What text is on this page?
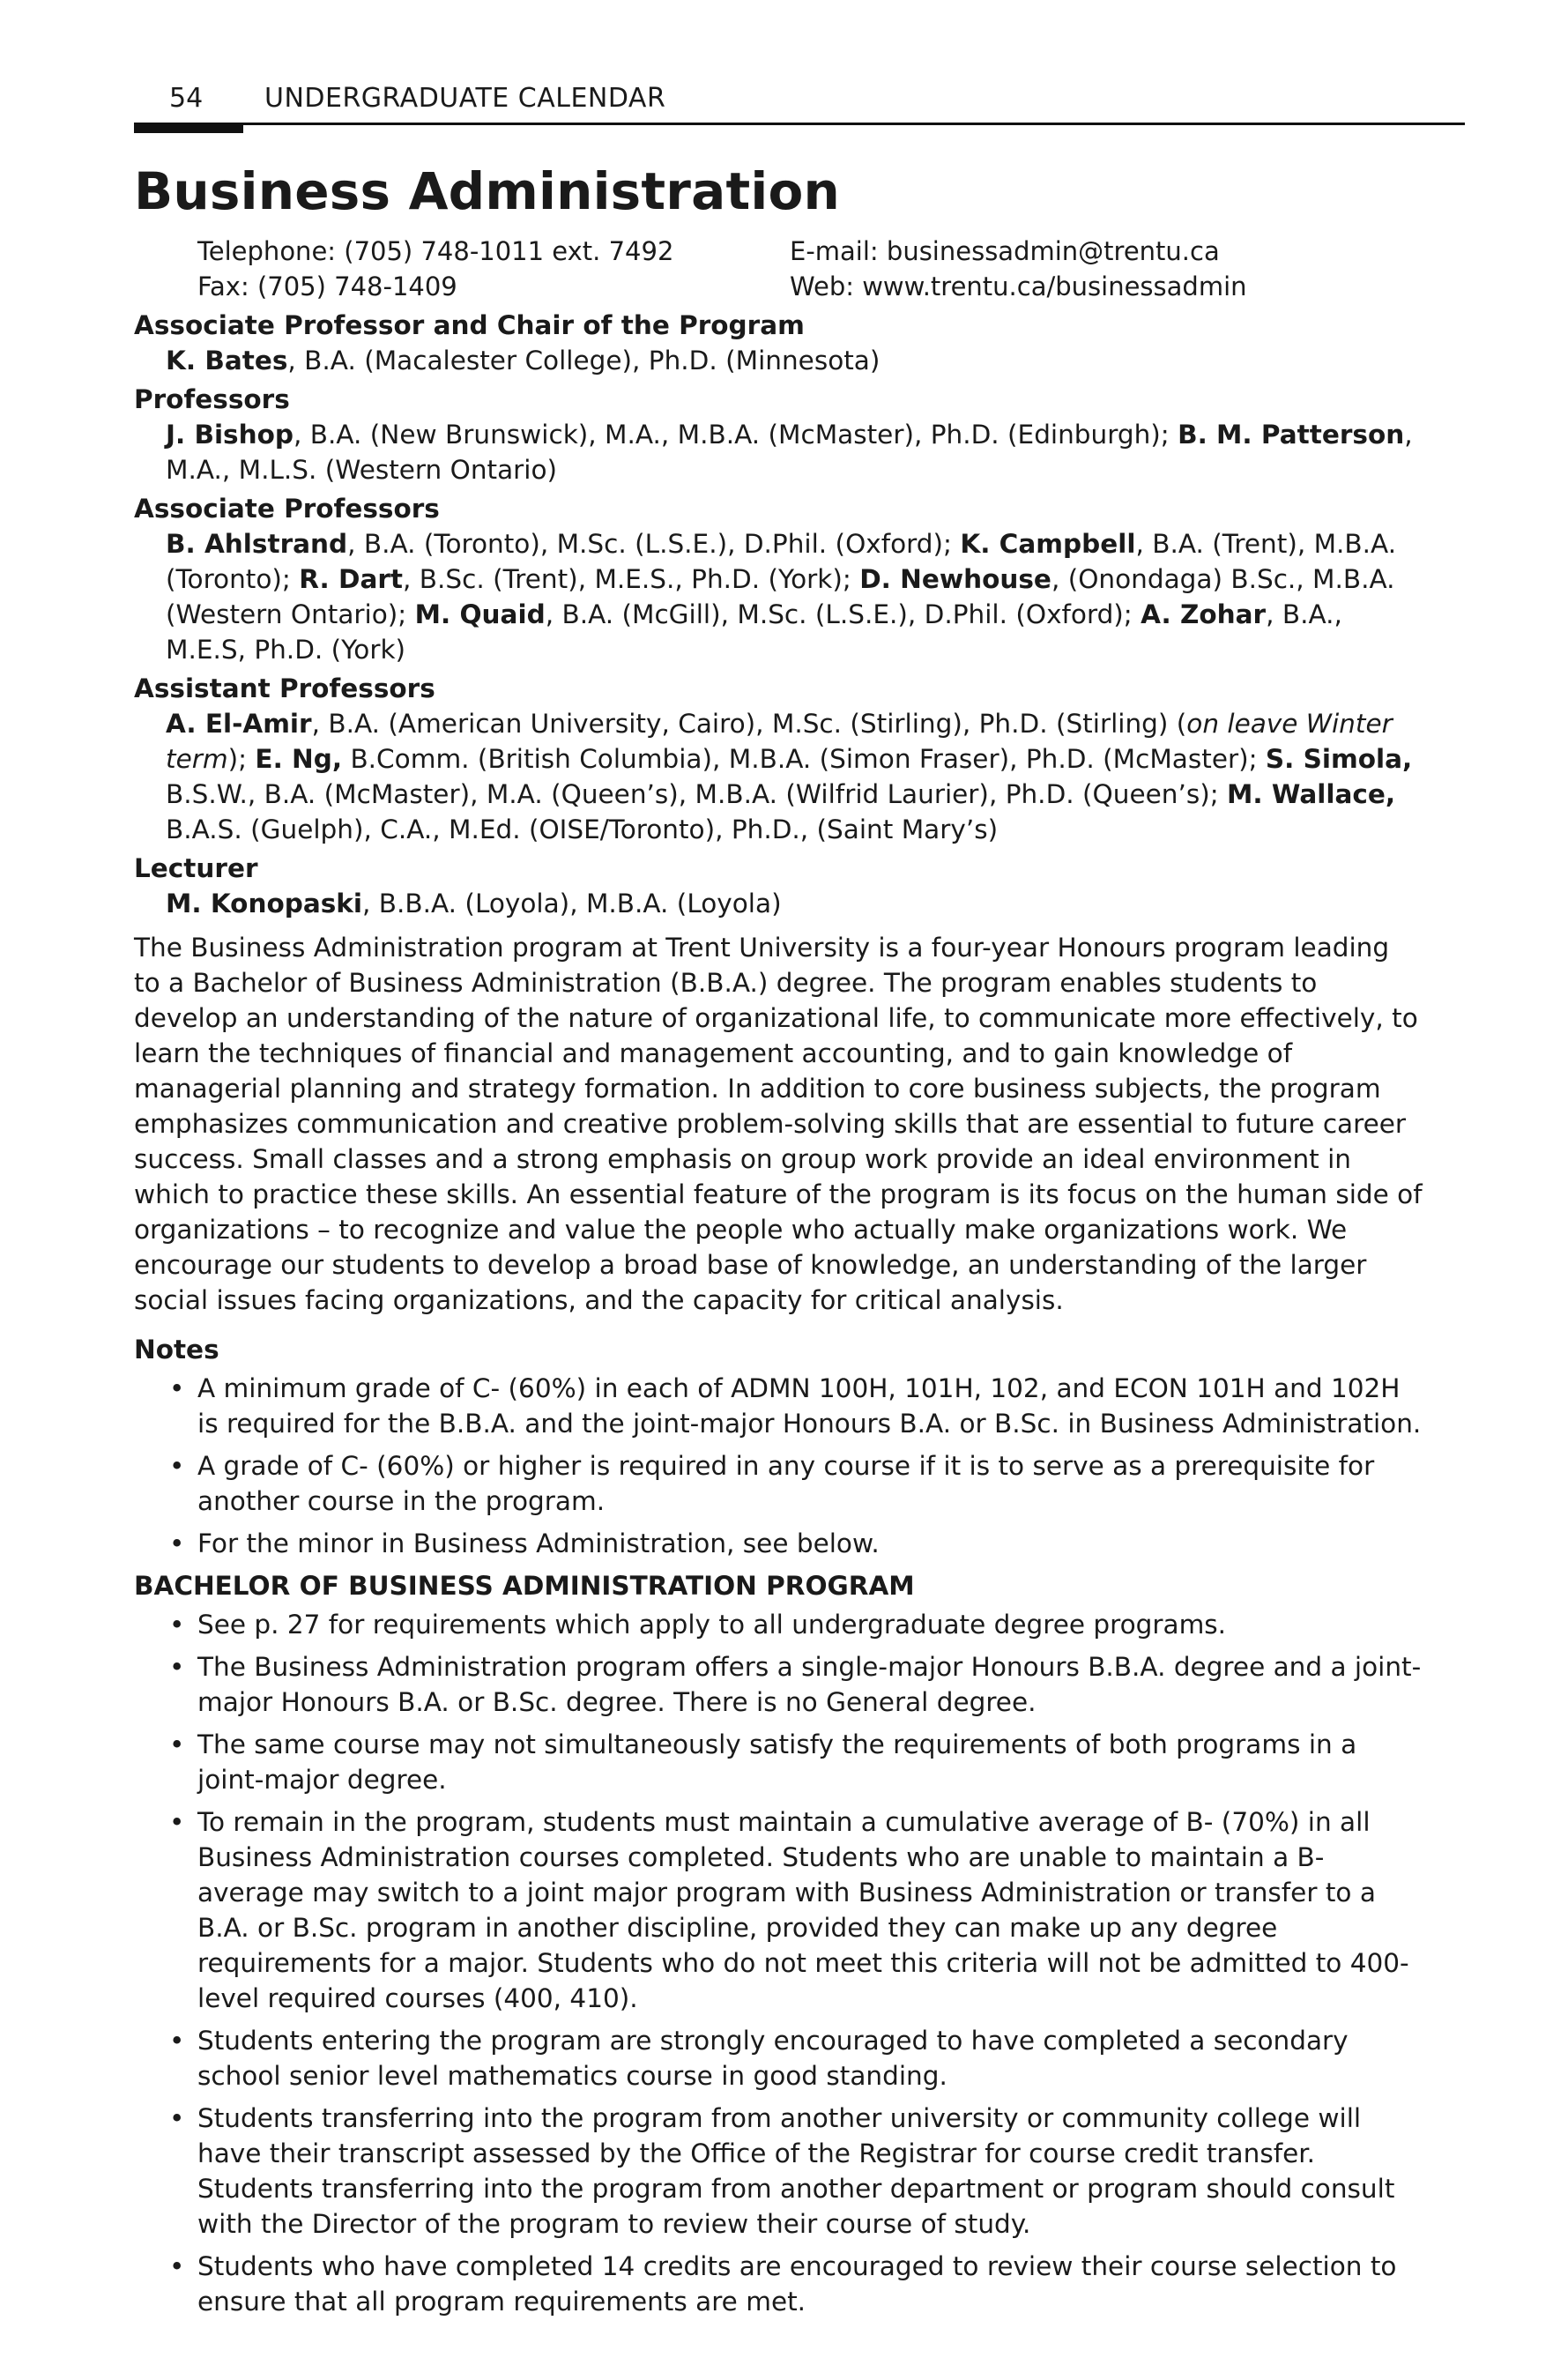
54 UNDERGRADUATE CALENDAR
Business Administration
Telephone: (705) 748-1011 ext. 7492	E-mail: businessadmin@trentu.ca
Fax: (705) 748-1409	Web: www.trentu.ca/businessadmin
Associate Professor and Chair of the Program
K. Bates, B.A. (Macalester College), Ph.D. (Minnesota)
Professors
J. Bishop, B.A. (New Brunswick), M.A., M.B.A. (McMaster), Ph.D. (Edinburgh); B. M. Patterson, M.A., M.L.S. (Western Ontario)
Associate Professors
B. Ahlstrand, B.A. (Toronto), M.Sc. (L.S.E.), D.Phil. (Oxford); K. Campbell, B.A. (Trent), M.B.A. (Toronto); R. Dart, B.Sc. (Trent), M.E.S., Ph.D. (York); D. Newhouse, (Onondaga) B.Sc., M.B.A. (Western Ontario); M. Quaid, B.A. (McGill), M.Sc. (L.S.E.), D.Phil. (Oxford); A. Zohar, B.A., M.E.S, Ph.D. (York)
Assistant Professors
A. El-Amir, B.A. (American University, Cairo), M.Sc. (Stirling), Ph.D. (Stirling) (on leave Winter term); E. Ng, B.Comm. (British Columbia), M.B.A. (Simon Fraser), Ph.D. (McMaster); S. Simola, B.S.W., B.A. (McMaster), M.A. (Queen’s), M.B.A. (Wilfrid Laurier), Ph.D. (Queen’s); M. Wallace, B.A.S. (Guelph), C.A., M.Ed. (OISE/Toronto), Ph.D., (Saint Mary’s)
Lecturer
M. Konopaski, B.B.A. (Loyola), M.B.A. (Loyola)
The Business Administration program at Trent University is a four-year Honours program leading to a Bachelor of Business Administration (B.B.A.) degree. The program enables students to develop an understanding of the nature of organizational life, to communicate more effectively, to learn the techniques of financial and management accounting, and to gain knowledge of managerial planning and strategy formation. In addition to core business subjects, the program emphasizes communication and creative problem-solving skills that are essential to future career success. Small classes and a strong emphasis on group work provide an ideal environment in which to practice these skills. An essential feature of the program is its focus on the human side of organizations – to recognize and value the people who actually make organizations work. We encourage our students to develop a broad base of knowledge, an understanding of the larger social issues facing organizations, and the capacity for critical analysis.
Notes
• A minimum grade of C- (60%) in each of ADMN 100H, 101H, 102, and ECON 101H and 102H is required for the B.B.A. and the joint-major Honours B.A. or B.Sc. in Business Administration.
• A grade of C- (60%) or higher is required in any course if it is to serve as a prerequisite for another course in the program.
• For the minor in Business Administration, see below.
BACHELOR OF BUSINESS ADMINISTRATION PROGRAM
• See p. 27 for requirements which apply to all undergraduate degree programs.
• The Business Administration program offers a single-major Honours B.B.A. degree and a joint-major Honours B.A. or B.Sc. degree. There is no General degree.
• The same course may not simultaneously satisfy the requirements of both programs in a joint-major degree.
• To remain in the program, students must maintain a cumulative average of B- (70%) in all Business Administration courses completed. Students who are unable to maintain a B- average may switch to a joint major program with Business Administration or transfer to a B.A. or B.Sc. program in another discipline, provided they can make up any degree requirements for a major. Students who do not meet this criteria will not be admitted to 400-level required courses (400, 410).
• Students entering the program are strongly encouraged to have completed a secondary school senior level mathematics course in good standing.
• Students transferring into the program from another university or community college will have their transcript assessed by the Office of the Registrar for course credit transfer. Students transferring into the program from another department or program should consult with the Director of the program to review their course of study.
• Students who have completed 14 credits are encouraged to review their course selection to ensure that all program requirements are met.
